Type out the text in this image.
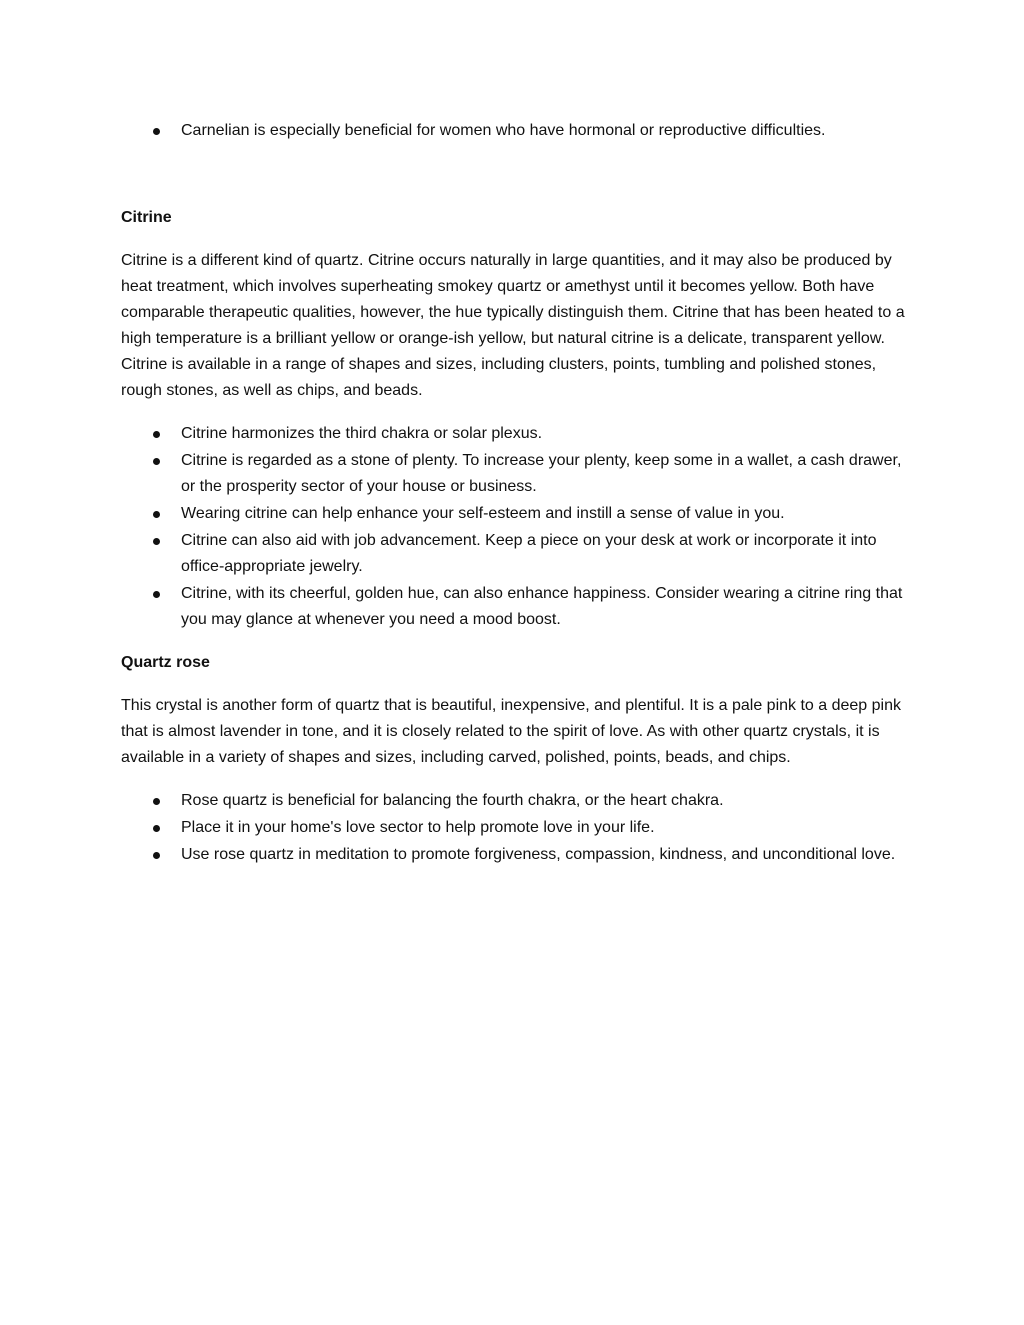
Carnelian is especially beneficial for women who have hormonal or reproductive difficulties.

Citrine

Citrine is a different kind of quartz. Citrine occurs naturally in large quantities, and it may also be produced by heat treatment, which involves superheating smokey quartz or amethyst until it becomes yellow. Both have comparable therapeutic qualities, however, the hue typically distinguish them. Citrine that has been heated to a high temperature is a brilliant yellow or orange-ish yellow, but natural citrine is a delicate, transparent yellow. Citrine is available in a range of shapes and sizes, including clusters, points, tumbling and polished stones, rough stones, as well as chips, and beads.

Citrine harmonizes the third chakra or solar plexus.
Citrine is regarded as a stone of plenty. To increase your plenty, keep some in a wallet, a cash drawer, or the prosperity sector of your house or business.
Wearing citrine can help enhance your self-esteem and instill a sense of value in you.
Citrine can also aid with job advancement. Keep a piece on your desk at work or incorporate it into office-appropriate jewelry.
Citrine, with its cheerful, golden hue, can also enhance happiness. Consider wearing a citrine ring that you may glance at whenever you need a mood boost.

Quartz rose

This crystal is another form of quartz that is beautiful, inexpensive, and plentiful. It is a pale pink to a deep pink that is almost lavender in tone, and it is closely related to the spirit of love. As with other quartz crystals, it is available in a variety of shapes and sizes, including carved, polished, points, beads, and chips.

Rose quartz is beneficial for balancing the fourth chakra, or the heart chakra.
Place it in your home's love sector to help promote love in your life.
Use rose quartz in meditation to promote forgiveness, compassion, kindness, and unconditional love.
